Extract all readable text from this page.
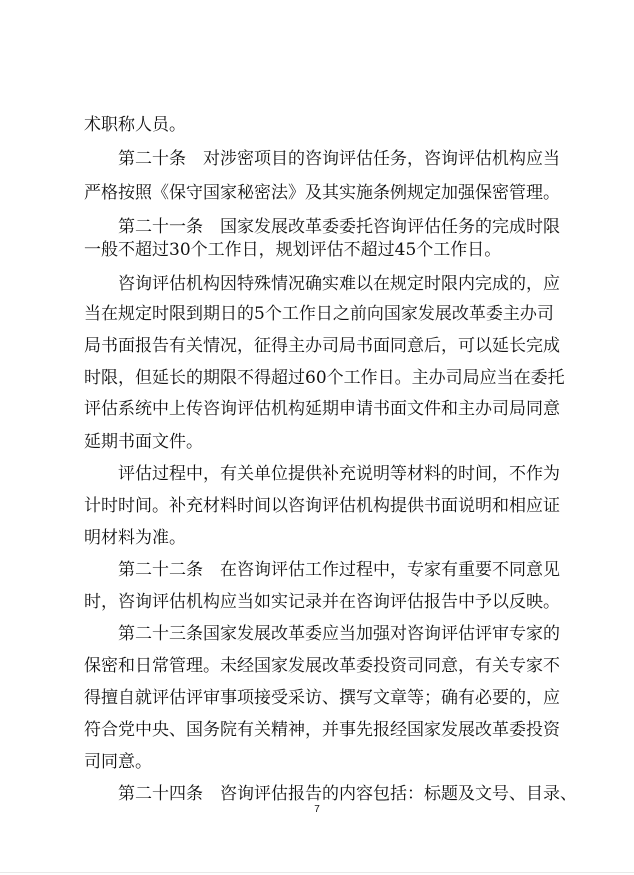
术职称人员。
第 二 十 条
　 对 涉 密 项 目 的 咨 询 评 估 任 务 ， 咨 询 评 估 机 构 应 当
严 格 按 照 《 保 守 国 家 秘 密 法 》 及 其 实 施 条 例 规 定 加 强 保 密 管 理 。
第 二 十 一 条
　 国 家 发 展 改 革 委 委 托 咨 询 评 估 任 务 的 完 成 时 限
一般不超过30个工作日，规划评估不超过45个工作日。
咨 询 评 估 机 构 因 特 殊 情 况 确 实 难 以 在 规 定 时 限 内 完 成 的 ， 应
当 在 规 定 时 限 到 期 日 的 5 个 工 作 日 之 前 向 国 家 发 展 改 革 委 主 办 司
局 书 面 报 告 有 关 情 况 ， 征 得 主 办 司 局 书 面 同 意 后 ， 可 以 延 长 完 成
时 限 ， 但 延 长 的 期 限 不 得 超 过 6 0 个 工 作 日 。 主 办 司 局 应 当 在 委 托
评 估 系 统 中 上 传 咨 询 评 估 机 构 延 期 申 请 书 面 文 件 和 主 办 司 局 同 意
延期书面文件。
评 估 过 程 中 ， 有 关 单 位 提 供 补 充 说 明 等 材 料 的 时 间 ， 不 作 为
计 时 时 间 。 补 充 材 料 时 间 以 咨 询 评 估 机 构 提 供 书 面 说 明 和 相 应 证
明材料为准。
第 二 十 二 条
　 在 咨 询 评 估 工 作 过 程 中 ， 专 家 有 重 要 不 同 意 见
时 ， 咨 询 评 估 机 构 应 当 如 实 记 录 并 在 咨 询 评 估 报 告 中 予 以 反 映 。
第 二 十 三 条 国 家 发 展 改 革 委 应 当 加 强 对 咨 询 评 估 评 审 专 家 的
保 密 和 日 常 管 理 。 未 经 国 家 发 展 改 革 委 投 资 司 同 意 ， 有 关 专 家 不
得 擅 自 就 评 估 评 审 事 项 接 受 采 访 、 撰 写 文 章 等 ； 确 有 必 要 的 ， 应
符 合 党 中 央 、 国 务 院 有 关 精 神 ， 并 事 先 报 经 国 家 发 展 改 革 委 投 资
司同意。
第 二 十 四 条
　 咨 询 评 估 报 告 的 内 容 包 括 ： 标 题 及 文 号 、 目 录 、
7
